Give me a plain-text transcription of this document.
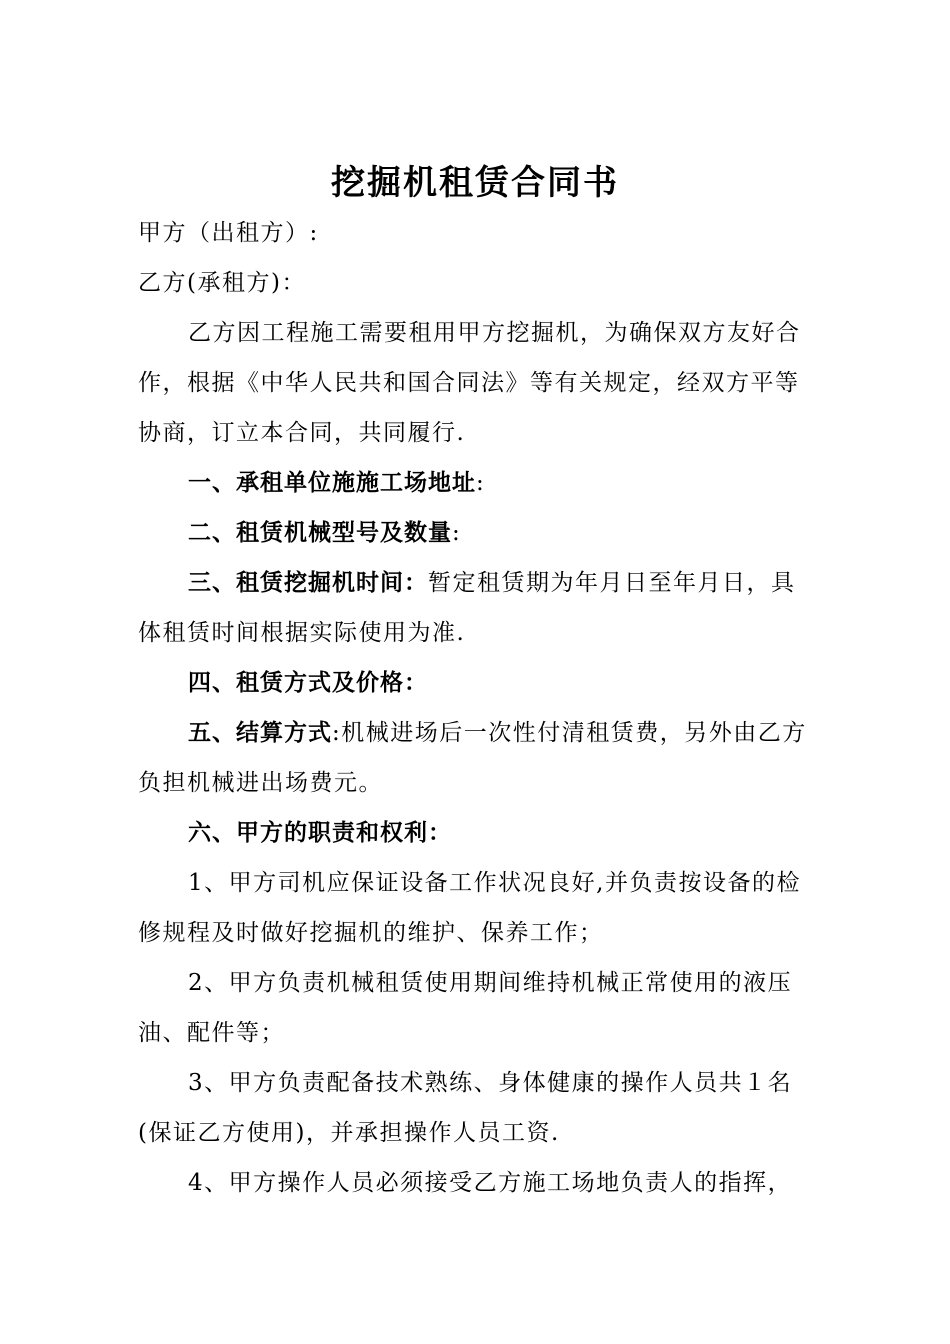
挖掘机租赁合同书

甲方（出租方）:

乙方(承租方)：

乙方因工程施工需要租用甲方挖掘机，为确保双方友好合作，根据《中华人民共和国合同法》等有关规定，经双方平等协商，订立本合同，共同履行.

一、承租单位施施工场地址:

二、租赁机械型号及数量:

三、租赁挖掘机时间：暂定租赁期为年月日至年月日，具体租赁时间根据实际使用为准.

四、租赁方式及价格：

五、结算方式:机械进场后一次性付清租赁费，另外由乙方负担机械进出场费元。

六、甲方的职责和权利：

1、甲方司机应保证设备工作状况良好,并负责按设备的检修规程及时做好挖掘机的维护、保养工作；

2、甲方负责机械租赁使用期间维持机械正常使用的液压油、配件等；

3、甲方负责配备技术熟练、身体健康的操作人员共１名(保证乙方使用)，并承担操作人员工资.

4、甲方操作人员必须接受乙方施工场地负责人的指挥，
